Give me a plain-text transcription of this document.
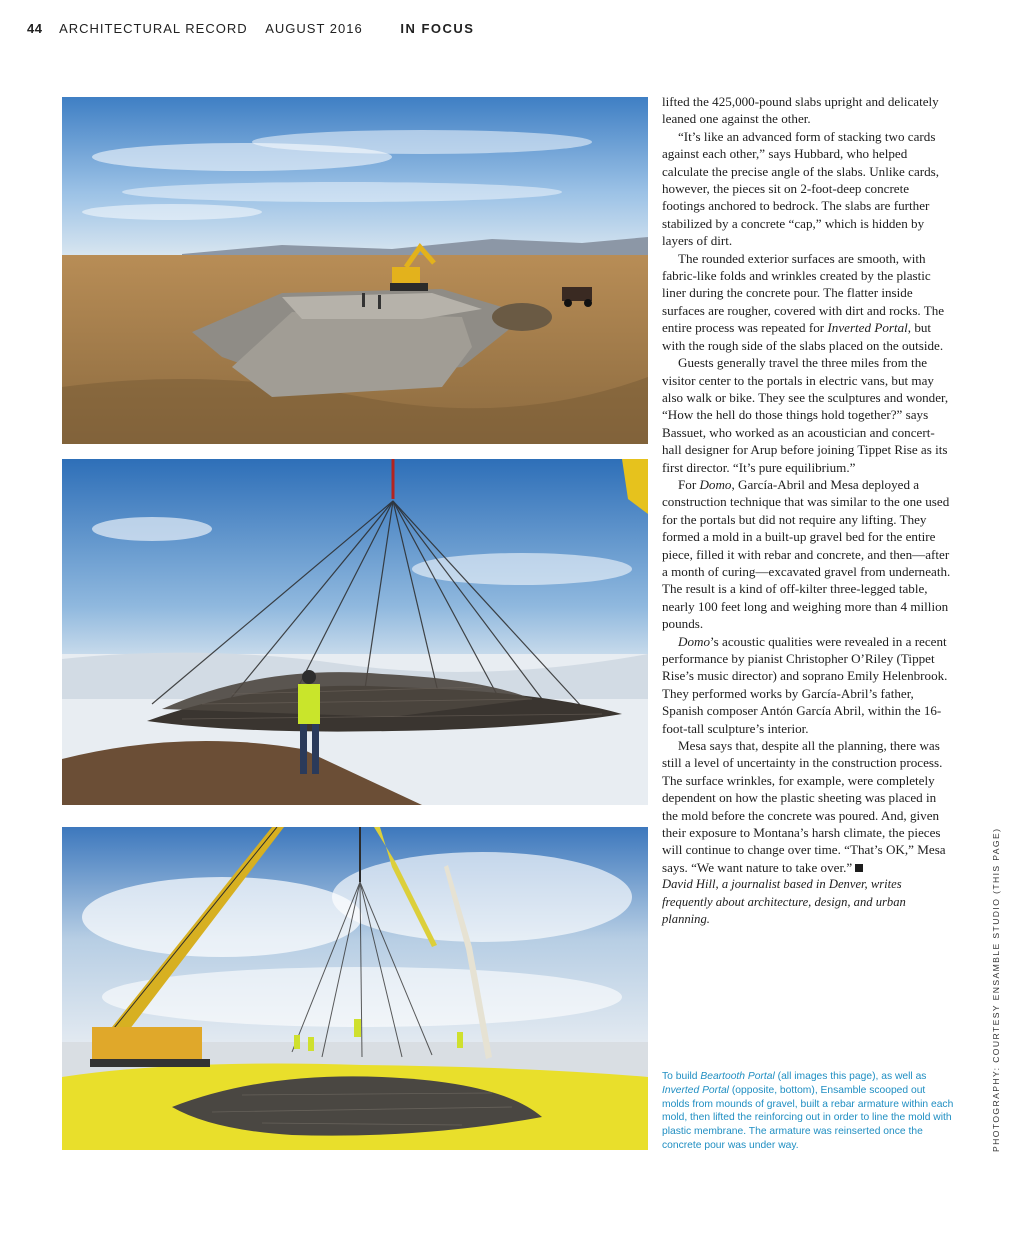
44 ARCHITECTURAL RECORD AUGUST 2016	IN FOCUS

lifted the 425,000-pound slabs upright and delicately leaned one against the other.

“It’s like an advanced form of stacking two cards against each other,” says Hubbard, who helped calculate the precise angle of the slabs. Unlike cards, however, the pieces sit on 2-foot-deep concrete footings anchored to bedrock. The slabs are further stabilized by a concrete “cap,” which is hidden by layers of dirt.

The rounded exterior surfaces are smooth, with fabric-like folds and wrinkles created by the plastic liner during the concrete pour. The flatter inside surfaces are rougher, covered with dirt and rocks. The entire process was repeated for Inverted Portal, but with the rough side of the slabs placed on the outside.

Guests generally travel the three miles from the visitor center to the portals in electric vans, but may also walk or bike. They see the sculptures and wonder, “How the hell do those things hold together?” says Bassuet, who worked as an acoustician and concert-hall designer for Arup before joining Tippet Rise as its first director. “It’s pure equilibrium.”

For Domo, García-Abril and Mesa deployed a construction technique that was similar to the one used for the portals but did not require any lifting. They formed a mold in a built-up gravel bed for the entire piece, filled it with rebar and concrete, and then—after a month of curing—excavated gravel from underneath. The result is a kind of off-kilter three-legged table, nearly 100 feet long and weighing more than 4 million pounds.

Domo’s acoustic qualities were revealed in a recent performance by pianist Christopher O’Riley (Tippet Rise’s music director) and soprano Emily Helenbrook. They performed works by García-Abril’s father, Spanish composer Antón García Abril, within the 16-foot-tall sculpture’s interior.

Mesa says that, despite all the planning, there was still a level of uncertainty in the construction process. The surface wrinkles, for example, were completely dependent on how the plastic sheeting was placed in the mold before the concrete was poured. And, given their exposure to Montana’s harsh climate, the pieces will continue to change over time. “That’s OK,” Mesa says. “We want nature to take over.”

David Hill, a journalist based in Denver, writes frequently about architecture, design, and urban planning.

To build Beartooth Portal (all images this page), as well as Inverted Portal (opposite, bottom), Ensamble scooped out molds from mounds of gravel, built a rebar armature within each mold, then lifted the reinforcing out in order to line the mold with plastic membrane. The armature was reinserted once the concrete pour was under way.	PHOTOGRAPHY: COURTESY ENSAMBLE STUDIO (THIS PAGE)
